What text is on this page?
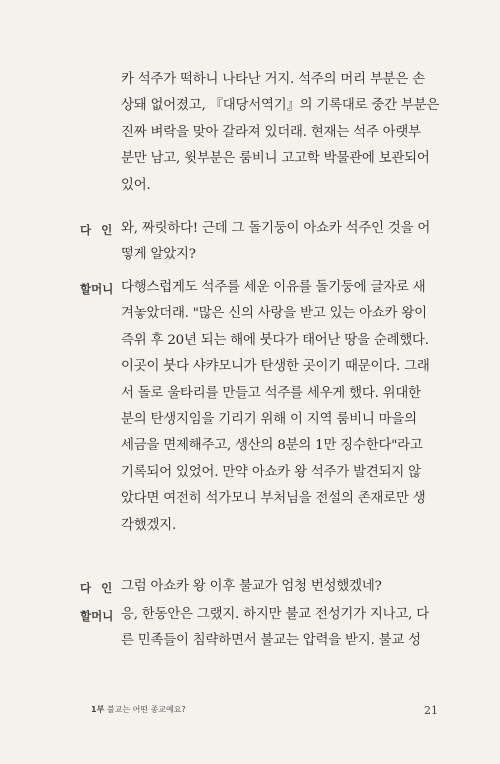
카 석주가 떡하니 나타난 거지. 석주의 머리 부분은 손
상돼 없어졌고, 『대당서역기』의 기록대로 중간 부분은
진짜 벼락을 맞아 갈라져 있더래. 현재는 석주 아랫부
분만 남고, 윗부분은 룸비니 고고학 박물관에 보관되어
있어.
다 인 와, 짜릿하다! 근데 그 돌기둥이 아쇼카 석주인 것을 어
떻게 알았지?
할머니 다행스럽게도 석주를 세운 이유를 돌기둥에 글자로 새
겨놓았더래. "많은 신의 사랑을 받고 있는 아쇼카 왕이
즉위 후 20년 되는 해에 붓다가 태어난 땅을 순례했다.
이곳이 붓다 샤캬모니가 탄생한 곳이기 때문이다. 그래
서 돌로 울타리를 만들고 석주를 세우게 했다. 위대한
분의 탄생지임을 기리기 위해 이 지역 룸비니 마을의
세금을 면제해주고, 생산의 8분의 1만 징수한다"라고
기록되어 있었어. 만약 아쇼카 왕 석주가 발견되지 않
았다면 여전히 석가모니 부처님을 전설의 존재로만 생
각했겠지.
다 인 그럼 아쇼카 왕 이후 불교가 엄청 번성했겠네?
할머니 응, 한동안은 그랬지. 하지만 불교 전성기가 지나고, 다
른 민족들이 침략하면서 불교는 압력을 받지. 불교 성
1부 불교는 어떤 종교예요?	21
